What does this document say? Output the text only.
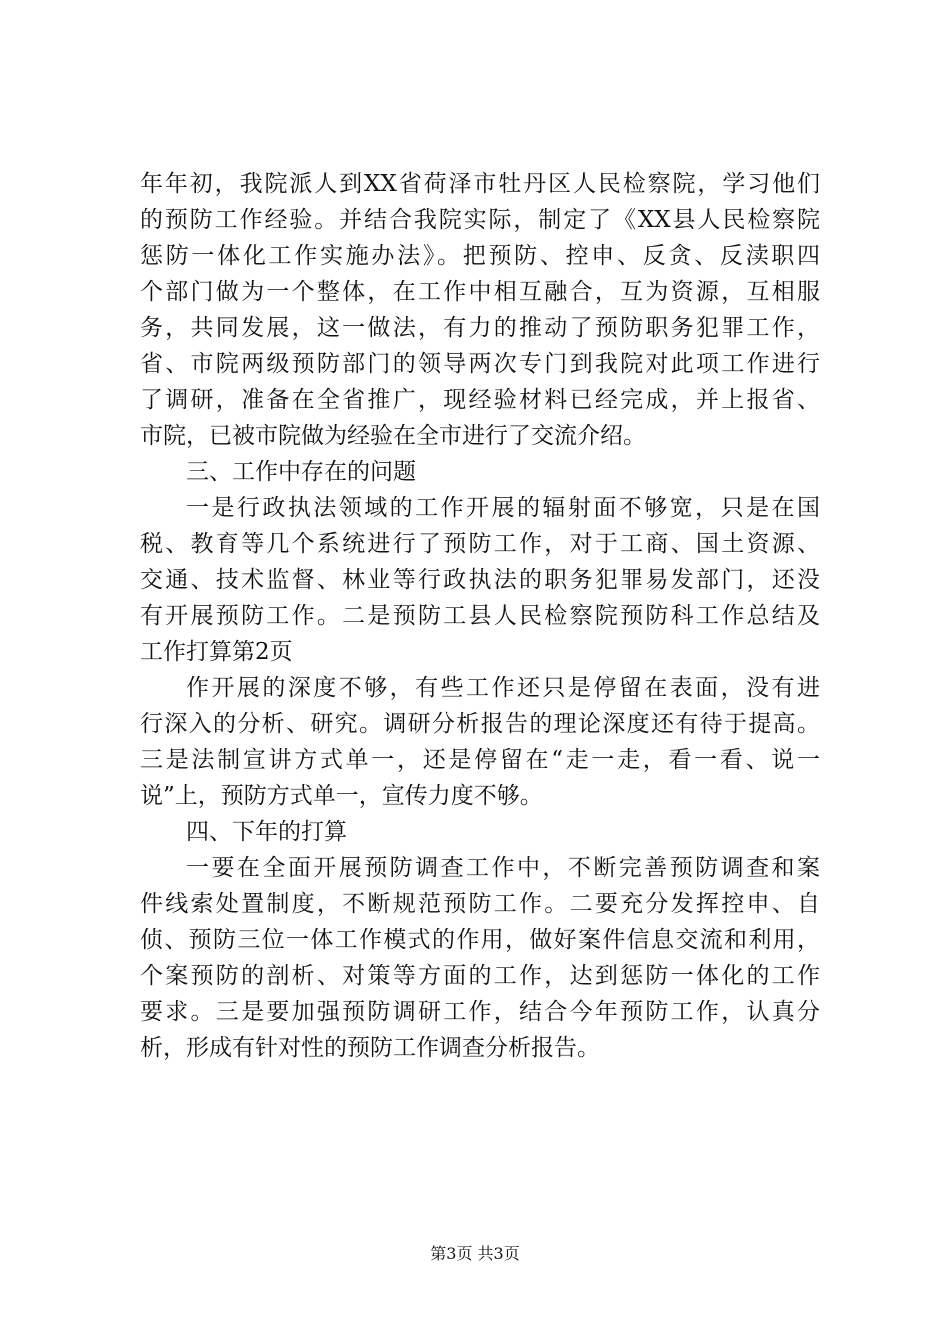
年年初，我院派人到XX省荷泽市牡丹区人民检察院，学习他们
的预防工作经验。并结合我院实际，制定了《XX县人民检察院
惩防一体化工作实施办法》。把预防、控申、反贪、反渎职四
个部门做为一个整体，在工作中相互融合，互为资源，互相服
务，共同发展，这一做法，有力的推动了预防职务犯罪工作，
省、市院两级预防部门的领导两次专门到我院对此项工作进行
了调研，准备在全省推广，现经验材料已经完成，并上报省、
市院，已被市院做为经验在全市进行了交流介绍。
三、工作中存在的问题
一是行政执法领域的工作开展的辐射面不够宽，只是在国
税、教育等几个系统进行了预防工作，对于工商、国土资源、
交通、技术监督、林业等行政执法的职务犯罪易发部门，还没
有开展预防工作。二是预防工县人民检察院预防科工作总结及
工作打算第2页
作开展的深度不够，有些工作还只是停留在表面，没有进
行深入的分析、研究。调研分析报告的理论深度还有待于提高。
三是法制宣讲方式单一，还是停留在“走一走，看一看、说一
说”上，预防方式单一，宣传力度不够。
四、下年的打算
一要在全面开展预防调查工作中，不断完善预防调查和案
件线索处置制度，不断规范预防工作。二要充分发挥控申、自
侦、预防三位一体工作模式的作用，做好案件信息交流和利用，
个案预防的剖析、对策等方面的工作，达到惩防一体化的工作
要求。三是要加强预防调研工作，结合今年预防工作，认真分
析，形成有针对性的预防工作调查分析报告。
第3页 共3页
